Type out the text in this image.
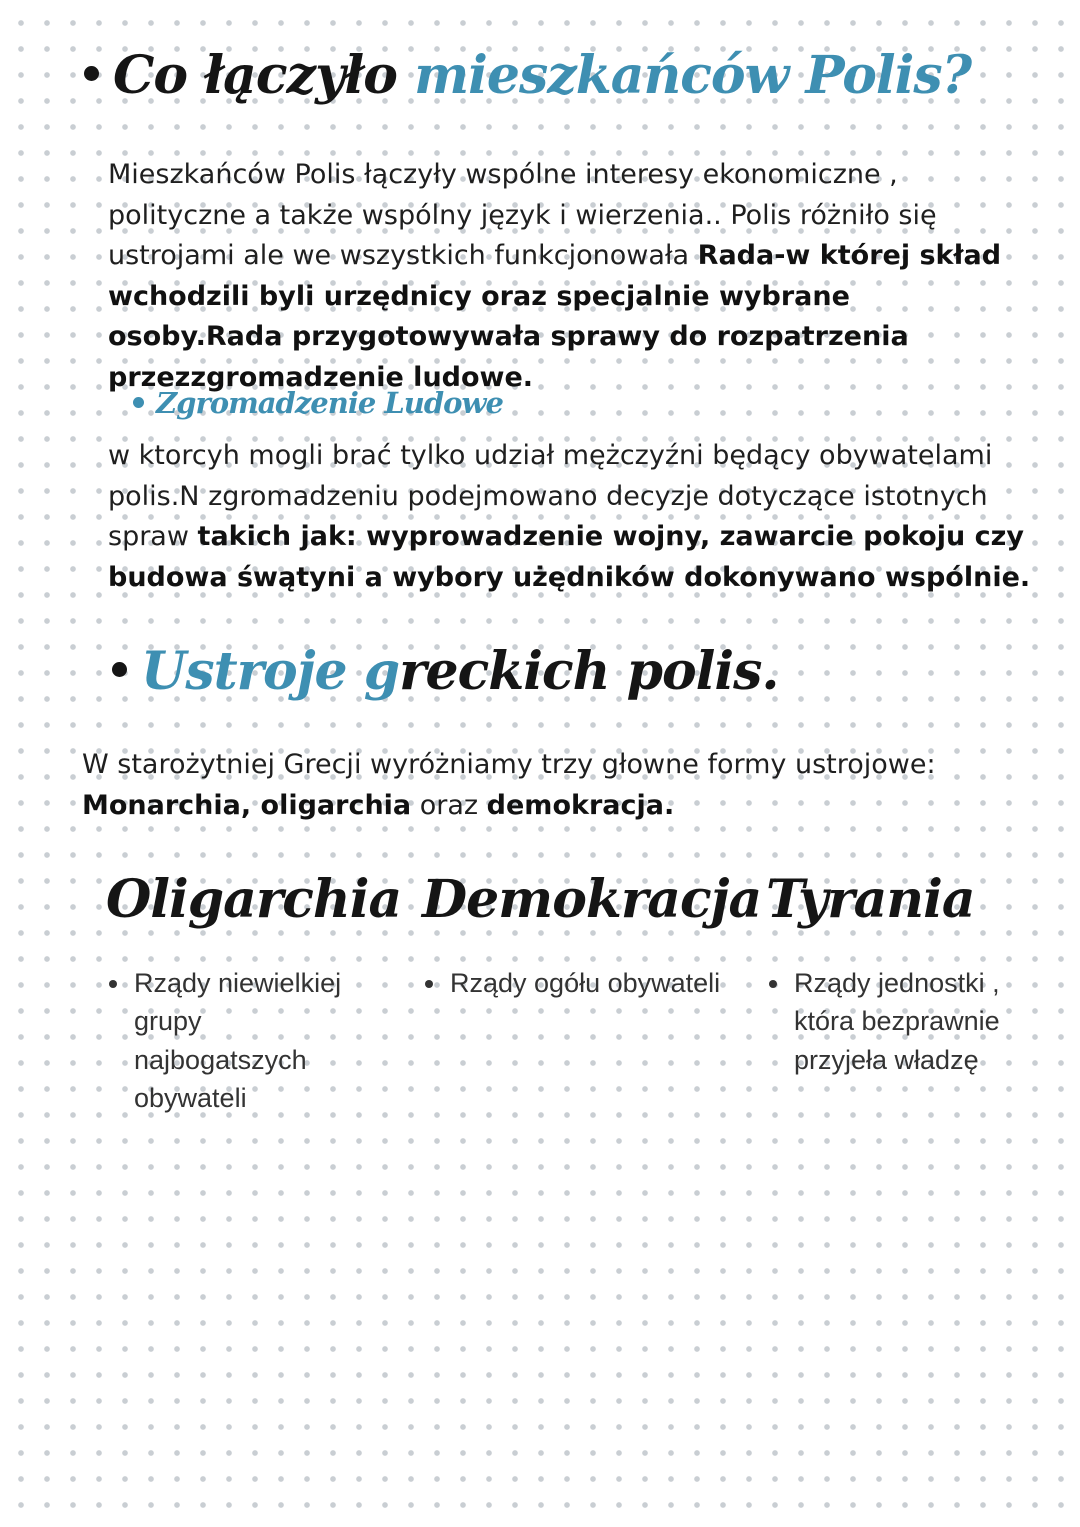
Co łączyło mieszkańców Polis?

Mieszkańców Polis łączyły wspólne interesy ekonomiczne , polityczne a także wspólny język i wierzenia.. Polis różniło się ustrojami ale we wszystkich funkcjonowała Rada-w której skład wchodzili byli urzędnicy oraz specjalnie wybrane osoby.Rada przygotowywała sprawy do rozpatrzenia przezzgromadzenie ludowe.

Zgromadzenie Ludowe

w ktorcyh mogli brać tylko udział mężczyźni będący obywatelami polis.N zgromadzeniu podejmowano decyzje dotyczące istotnych spraw takich jak: wyprowadzenie wojny, zawarcie pokoju czy budowa śwątyni a wybory użędników dokonywano wspólnie.

Ustroje greckich polis.

W starożytniej Grecji wyróżniamy trzy głowne formy ustrojowe:
Monarchia, oligarchia oraz demokracja.

Oligarchia
• Rządy niewielkiej grupy najbogatszych obywateli
Demokracja
• Rządy ogółu obywateli
Tyrania
• Rządy jednostki , która bezprawnie przyjeła władzę
